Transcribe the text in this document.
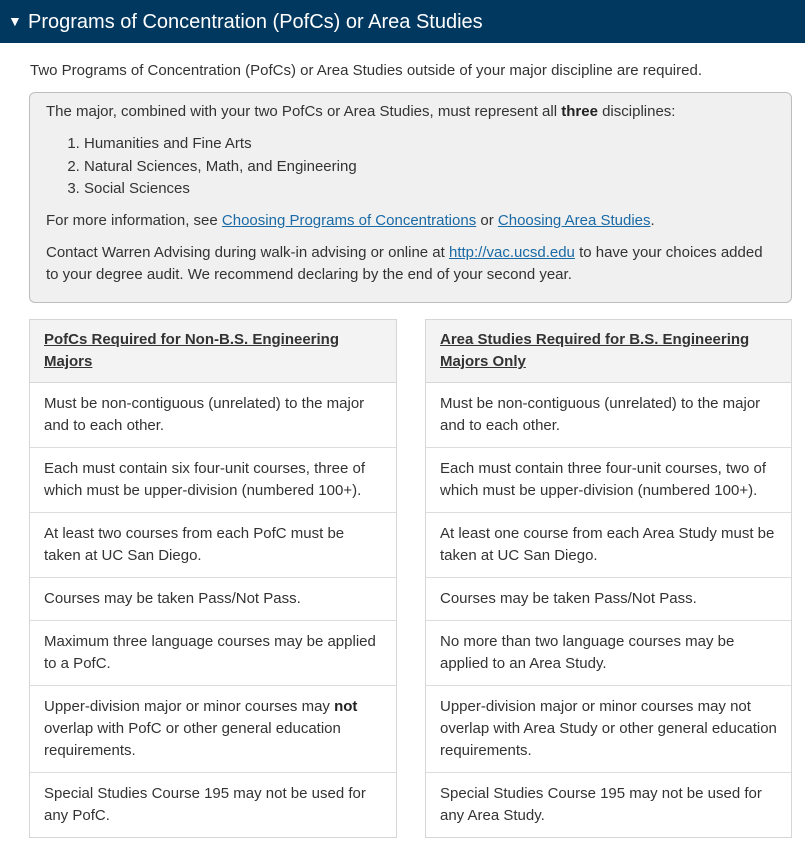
▼ Programs of Concentration (PofCs) or Area Studies
Two Programs of Concentration (PofCs) or Area Studies outside of your major discipline are required.

The major, combined with your two PofCs or Area Studies, must represent all three disciplines:

1. Humanities and Fine Arts
2. Natural Sciences, Math, and Engineering
3. Social Sciences

For more information, see Choosing Programs of Concentrations or Choosing Area Studies.

Contact Warren Advising during walk-in advising or online at http://vac.ucsd.edu to have your choices added to your degree audit. We recommend declaring by the end of your second year.

PofCs Required for Non-B.S. Engineering Majors
Must be non-contiguous (unrelated) to the major and to each other.
Each must contain six four-unit courses, three of which must be upper-division (numbered 100+).
At least two courses from each PofC must be taken at UC San Diego.
Courses may be taken Pass/Not Pass.
Maximum three language courses may be applied to a PofC.
Upper-division major or minor courses may not overlap with PofC or other general education requirements.
Special Studies Course 195 may not be used for any PofC.
Area Studies Required for B.S. Engineering Majors Only
Must be non-contiguous (unrelated) to the major and to each other.
Each must contain three four-unit courses, two of which must be upper-division (numbered 100+).
At least one course from each Area Study must be taken at UC San Diego.
Courses may be taken Pass/Not Pass.
No more than two language courses may be applied to an Area Study.
Upper-division major or minor courses may not overlap with Area Study or other general education requirements.
Special Studies Course 195 may not be used for any Area Study.
